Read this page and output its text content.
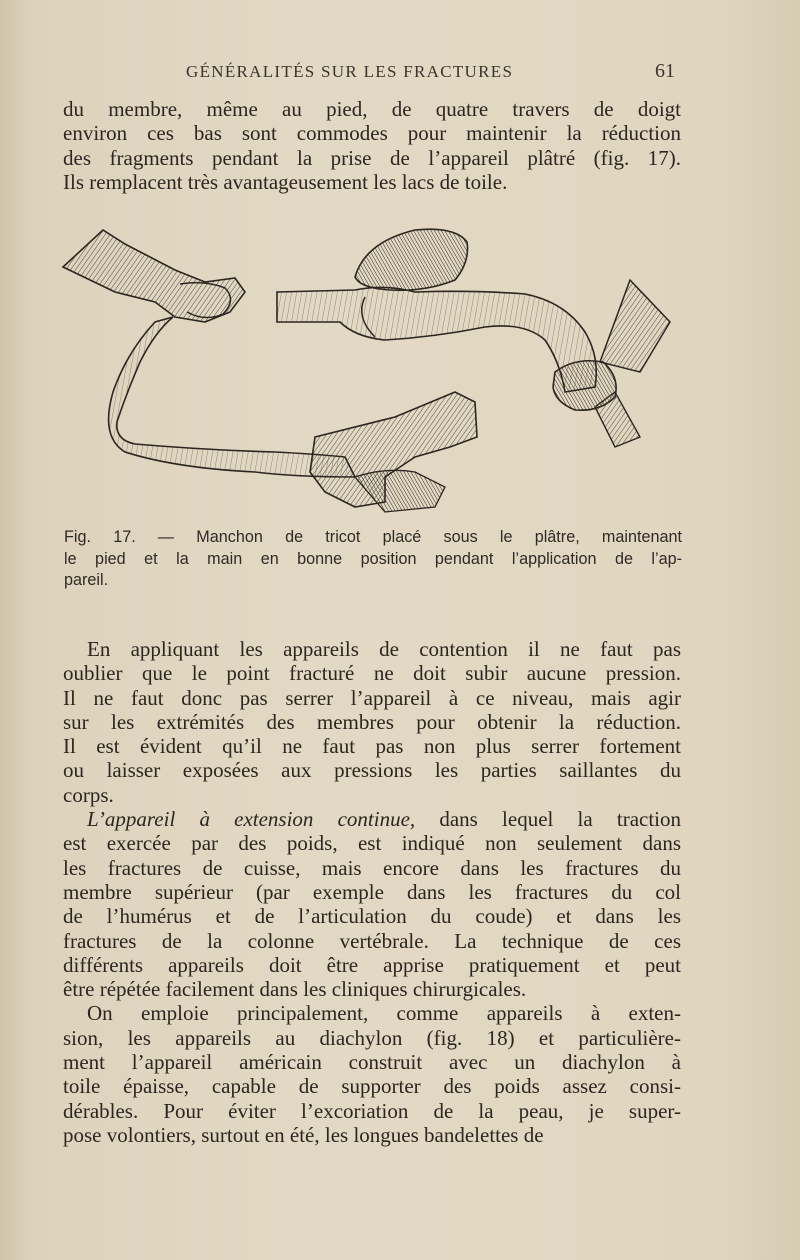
GÉNÉRALITÉS SUR LES FRACTURES	61
du membre, même au pied, de quatre travers de doigt
environ ces bas sont commodes pour maintenir la réduction
des fragments pendant la prise de l’appareil plâtré (fig. 17).
Ils remplacent très avantageusement les lacs de toile.
Fig. 17. — Manchon de tricot placé sous le plâtre, maintenant
le pied et la main en bonne position pendant l’application de l’ap-
pareil.
En appliquant les appareils de contention il ne faut pas
oublier que le point fracturé ne doit subir aucune pression.
Il ne faut donc pas serrer l’appareil à ce niveau, mais agir
sur les extrémités des membres pour obtenir la réduction.
Il est évident qu’il ne faut pas non plus serrer fortement
ou laisser exposées aux pressions les parties saillantes du
corps.
L’appareil à extension continue, dans lequel la traction
est exercée par des poids, est indiqué non seulement dans
les fractures de cuisse, mais encore dans les fractures du
membre supérieur (par exemple dans les fractures du col
de l’humérus et de l’articulation du coude) et dans les
fractures de la colonne vertébrale. La technique de ces
différents appareils doit être apprise pratiquement et peut
être répétée facilement dans les cliniques chirurgicales.
On emploie principalement, comme appareils à exten-
sion, les appareils au diachylon (fig. 18) et particulière-
ment l’appareil américain construit avec un diachylon à
toile épaisse, capable de supporter des poids assez consi-
dérables. Pour éviter l’excoriation de la peau, je super-
pose volontiers, surtout en été, les longues bandelettes de
